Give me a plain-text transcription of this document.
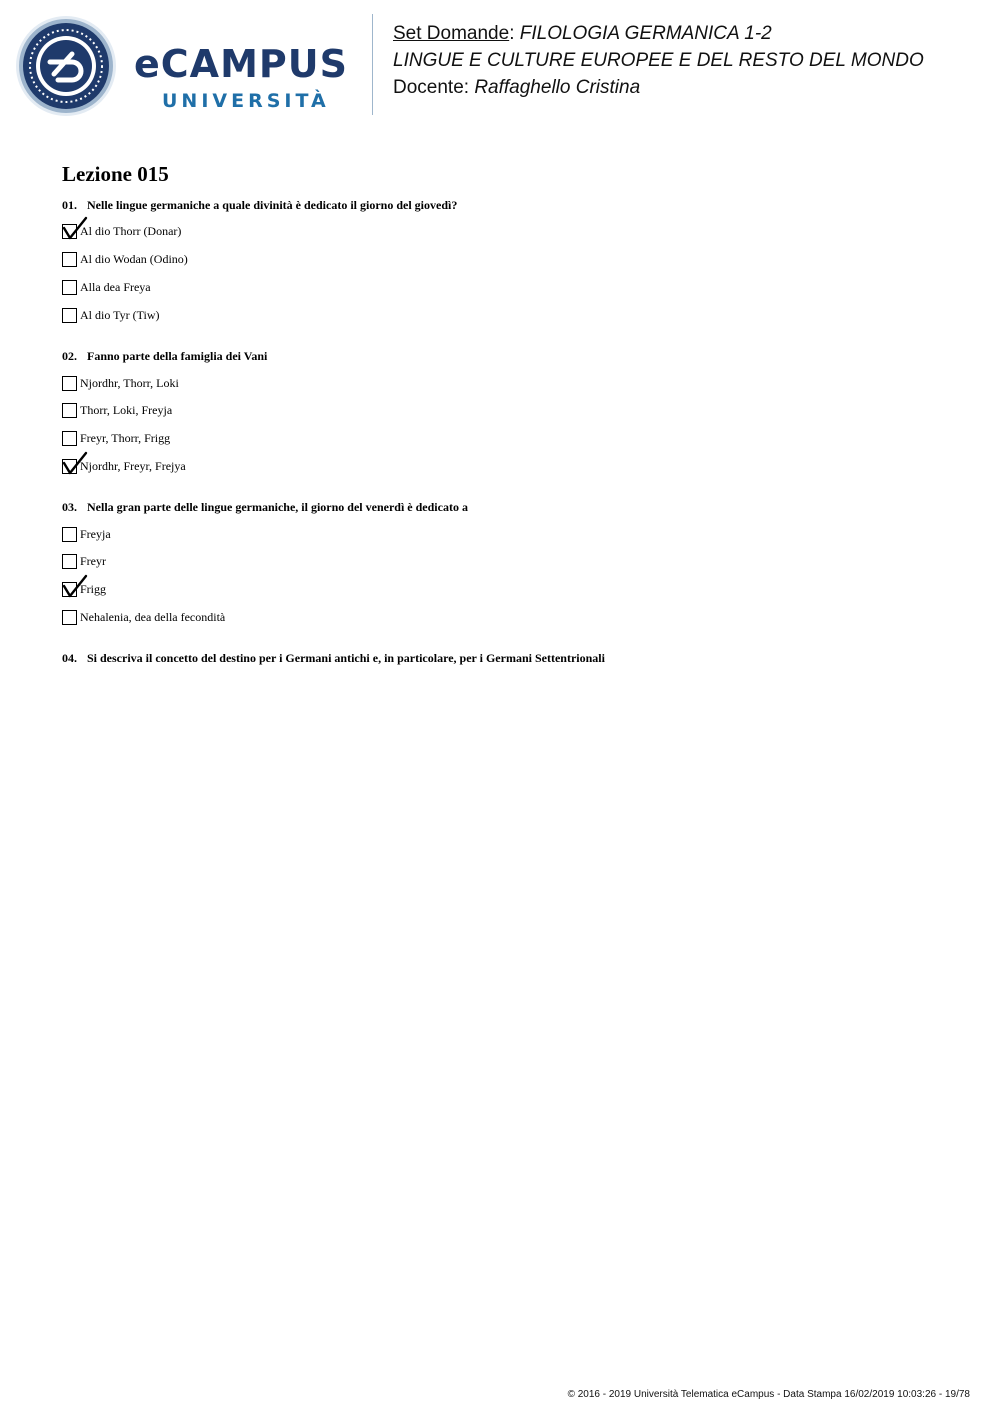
eCAMPUS
UNIVERSITÀ
Set Domande: FILOLOGIA GERMANICA 1-2
LINGUE E CULTURE EUROPEE E DEL RESTO DEL MONDO
Docente: Raffaghello Cristina
Lezione 015
01. Nelle lingue germaniche a quale divinità è dedicato il giorno del giovedì?
Al dio Thorr (Donar)
Al dio Wodan (Odino)
Alla dea Freya
Al dio Tyr (Tiw)
02. Fanno parte della famiglia dei Vani
Njordhr, Thorr, Loki
Thorr, Loki, Freyja
Freyr, Thorr, Frigg
Njordhr, Freyr, Frejya
03. Nella gran parte delle lingue germaniche, il giorno del venerdì è dedicato a
Freyja
Freyr
Frigg
Nehalenia, dea della fecondità
04. Si descriva il concetto del destino per i Germani antichi e, in particolare, per i Germani Settentrionali
© 2016 - 2019 Università Telematica eCampus - Data Stampa 16/02/2019 10:03:26 - 19/78
